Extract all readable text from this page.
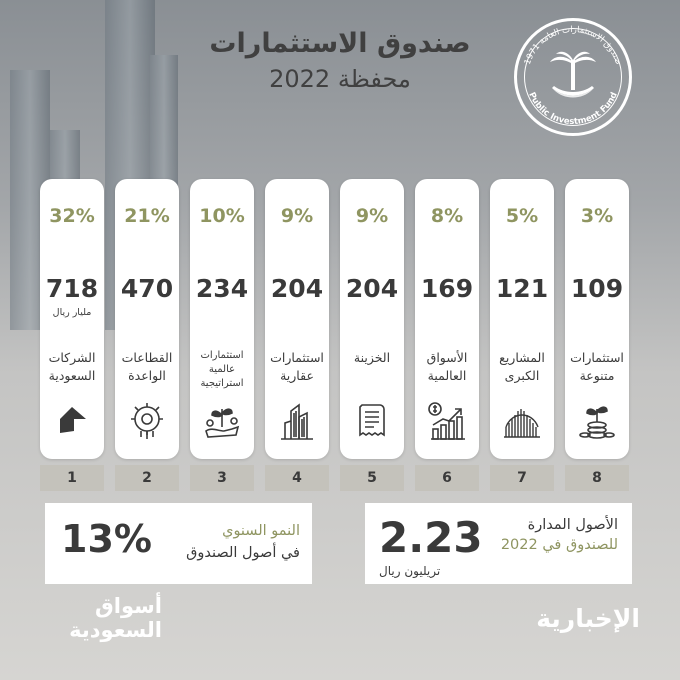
صندوق الاستثمارات
محفظة 2022
صندوق الاستثمارات العامة 1971
Public Investment Fund
32%
718
مليار ريال
الشركات
السعودية
1
21%
470
القطاعات
الواعدة
2
10%
234
استثمارات
عالمية
استراتيجية
3
9%
204
استثمارات
عقارية
4
9%
204
الخزينة
5
8%
169
الأسواق
العالمية
6
5%
121
المشاريع
الكبرى
7
3%
109
استثمارات
متنوعة
8
2.23	الأصول المدارة
للصندوق في 2022
تريليون ريال
13%	النمو السنوي
في أصول الصندوق
أسواق
السعودية	الإخبارية
